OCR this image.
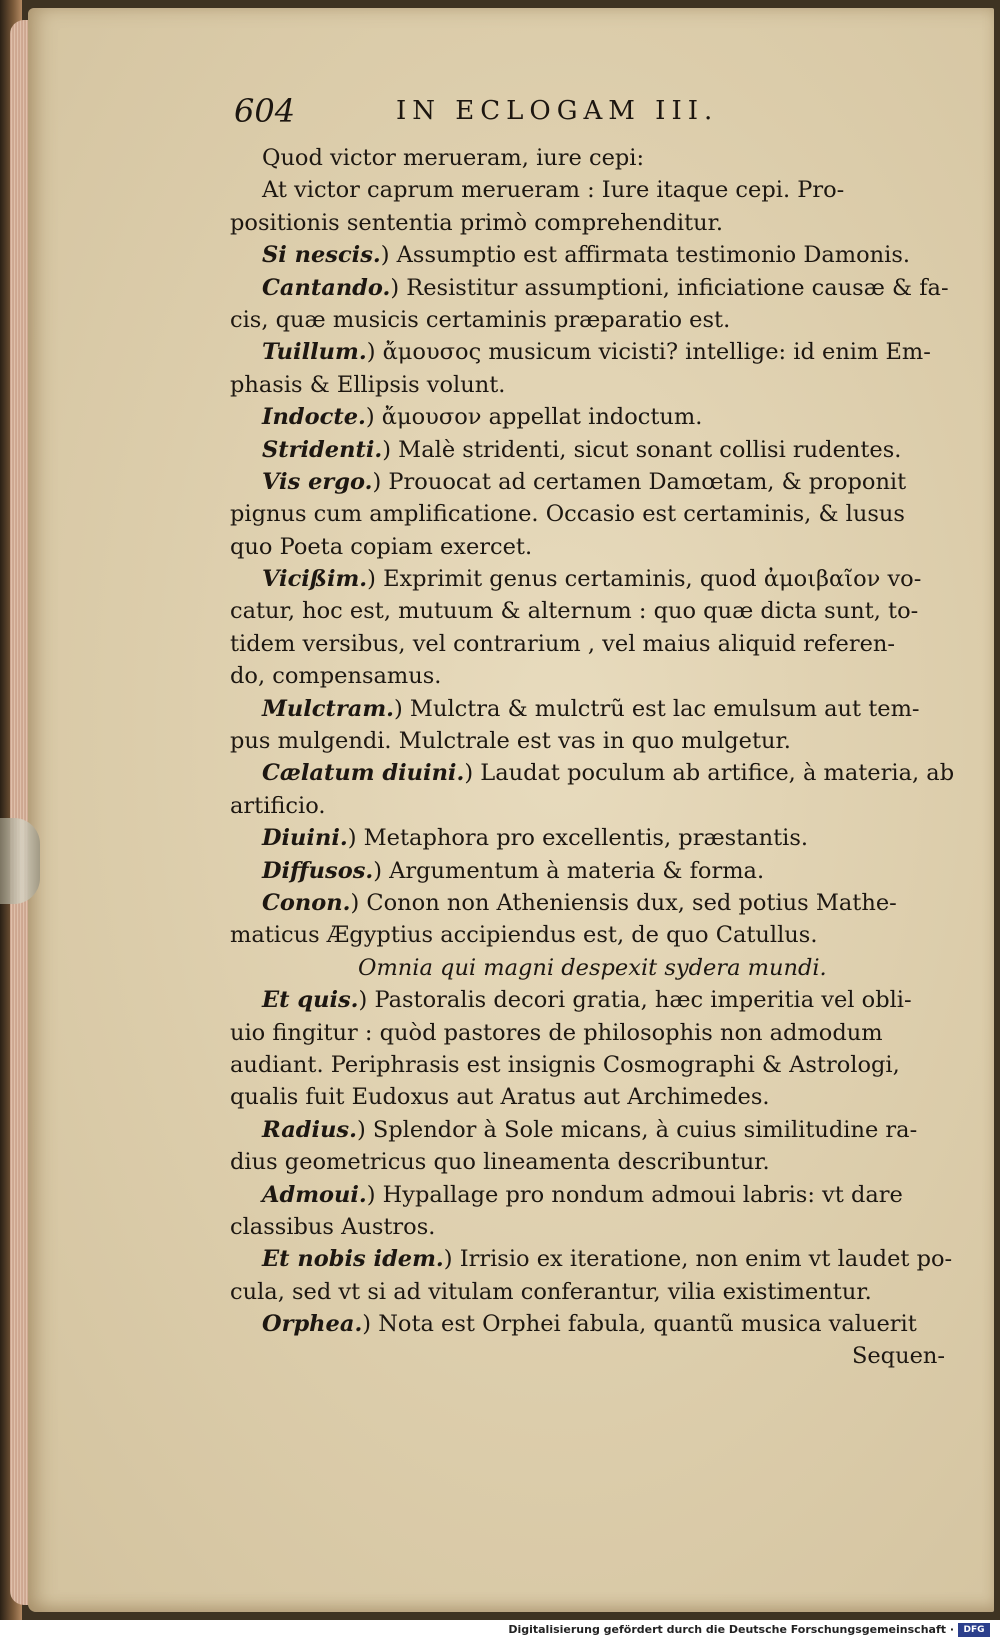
604	IN ECLOGAM III.
Quod victor merueram, iure cepi:
At victor caprum merueram : Iure itaque cepi. Pro-
positionis sententia primò comprehenditur.
Si nescis.) Assumptio est affirmata testimonio Damonis.
Cantando.) Resistitur assumptioni, inficiatione causæ & fa-
cis, quæ musicis certaminis præparatio est.
Tuillum.) ἄμουσος musicum vicisti? intellige: id enim Em-
phasis & Ellipsis volunt.
Indocte.) ἄμουσον appellat indoctum.
Stridenti.) Malè stridenti, sicut sonant collisi rudentes.
Vis ergo.) Prouocat ad certamen Damœtam, & proponit
pignus cum amplificatione. Occasio est certaminis, & lusus
quo Poeta copiam exercet.
Vicißim.) Exprimit genus certaminis, quod ἀμοιβαῖον vo-
catur, hoc est, mutuum & alternum : quo quæ dicta sunt, to-
tidem versibus, vel contrarium , vel maius aliquid referen-
do, compensamus.
Mulctram.) Mulctra & mulctrũ est lac emulsum aut tem-
pus mulgendi. Mulctrale est vas in quo mulgetur.
Cælatum diuini.) Laudat poculum ab artifice, à materia, ab
artificio.
Diuini.) Metaphora pro excellentis, præstantis.
Diffusos.) Argumentum à materia & forma.
Conon.) Conon non Atheniensis dux, sed potius Mathe-
maticus Ægyptius accipiendus est, de quo Catullus.
Omnia qui magni despexit sydera mundi.
Et quis.) Pastoralis decori gratia, hæc imperitia vel obli-
uio fingitur : quòd pastores de philosophis non admodum
audiant. Periphrasis est insignis Cosmographi & Astrologi,
qualis fuit Eudoxus aut Aratus aut Archimedes.
Radius.) Splendor à Sole micans, à cuius similitudine ra-
dius geometricus quo lineamenta describuntur.
Admoui.) Hypallage pro nondum admoui labris: vt dare
classibus Austros.
Et nobis idem.) Irrisio ex iteratione, non enim vt laudet po-
cula, sed vt si ad vitulam conferantur, vilia existimentur.
Orphea.) Nota est Orphei fabula, quantũ musica valuerit
Sequen-
Digitalisierung gefördert durch die Deutsche Forschungsgemeinschaft ·	DFG
